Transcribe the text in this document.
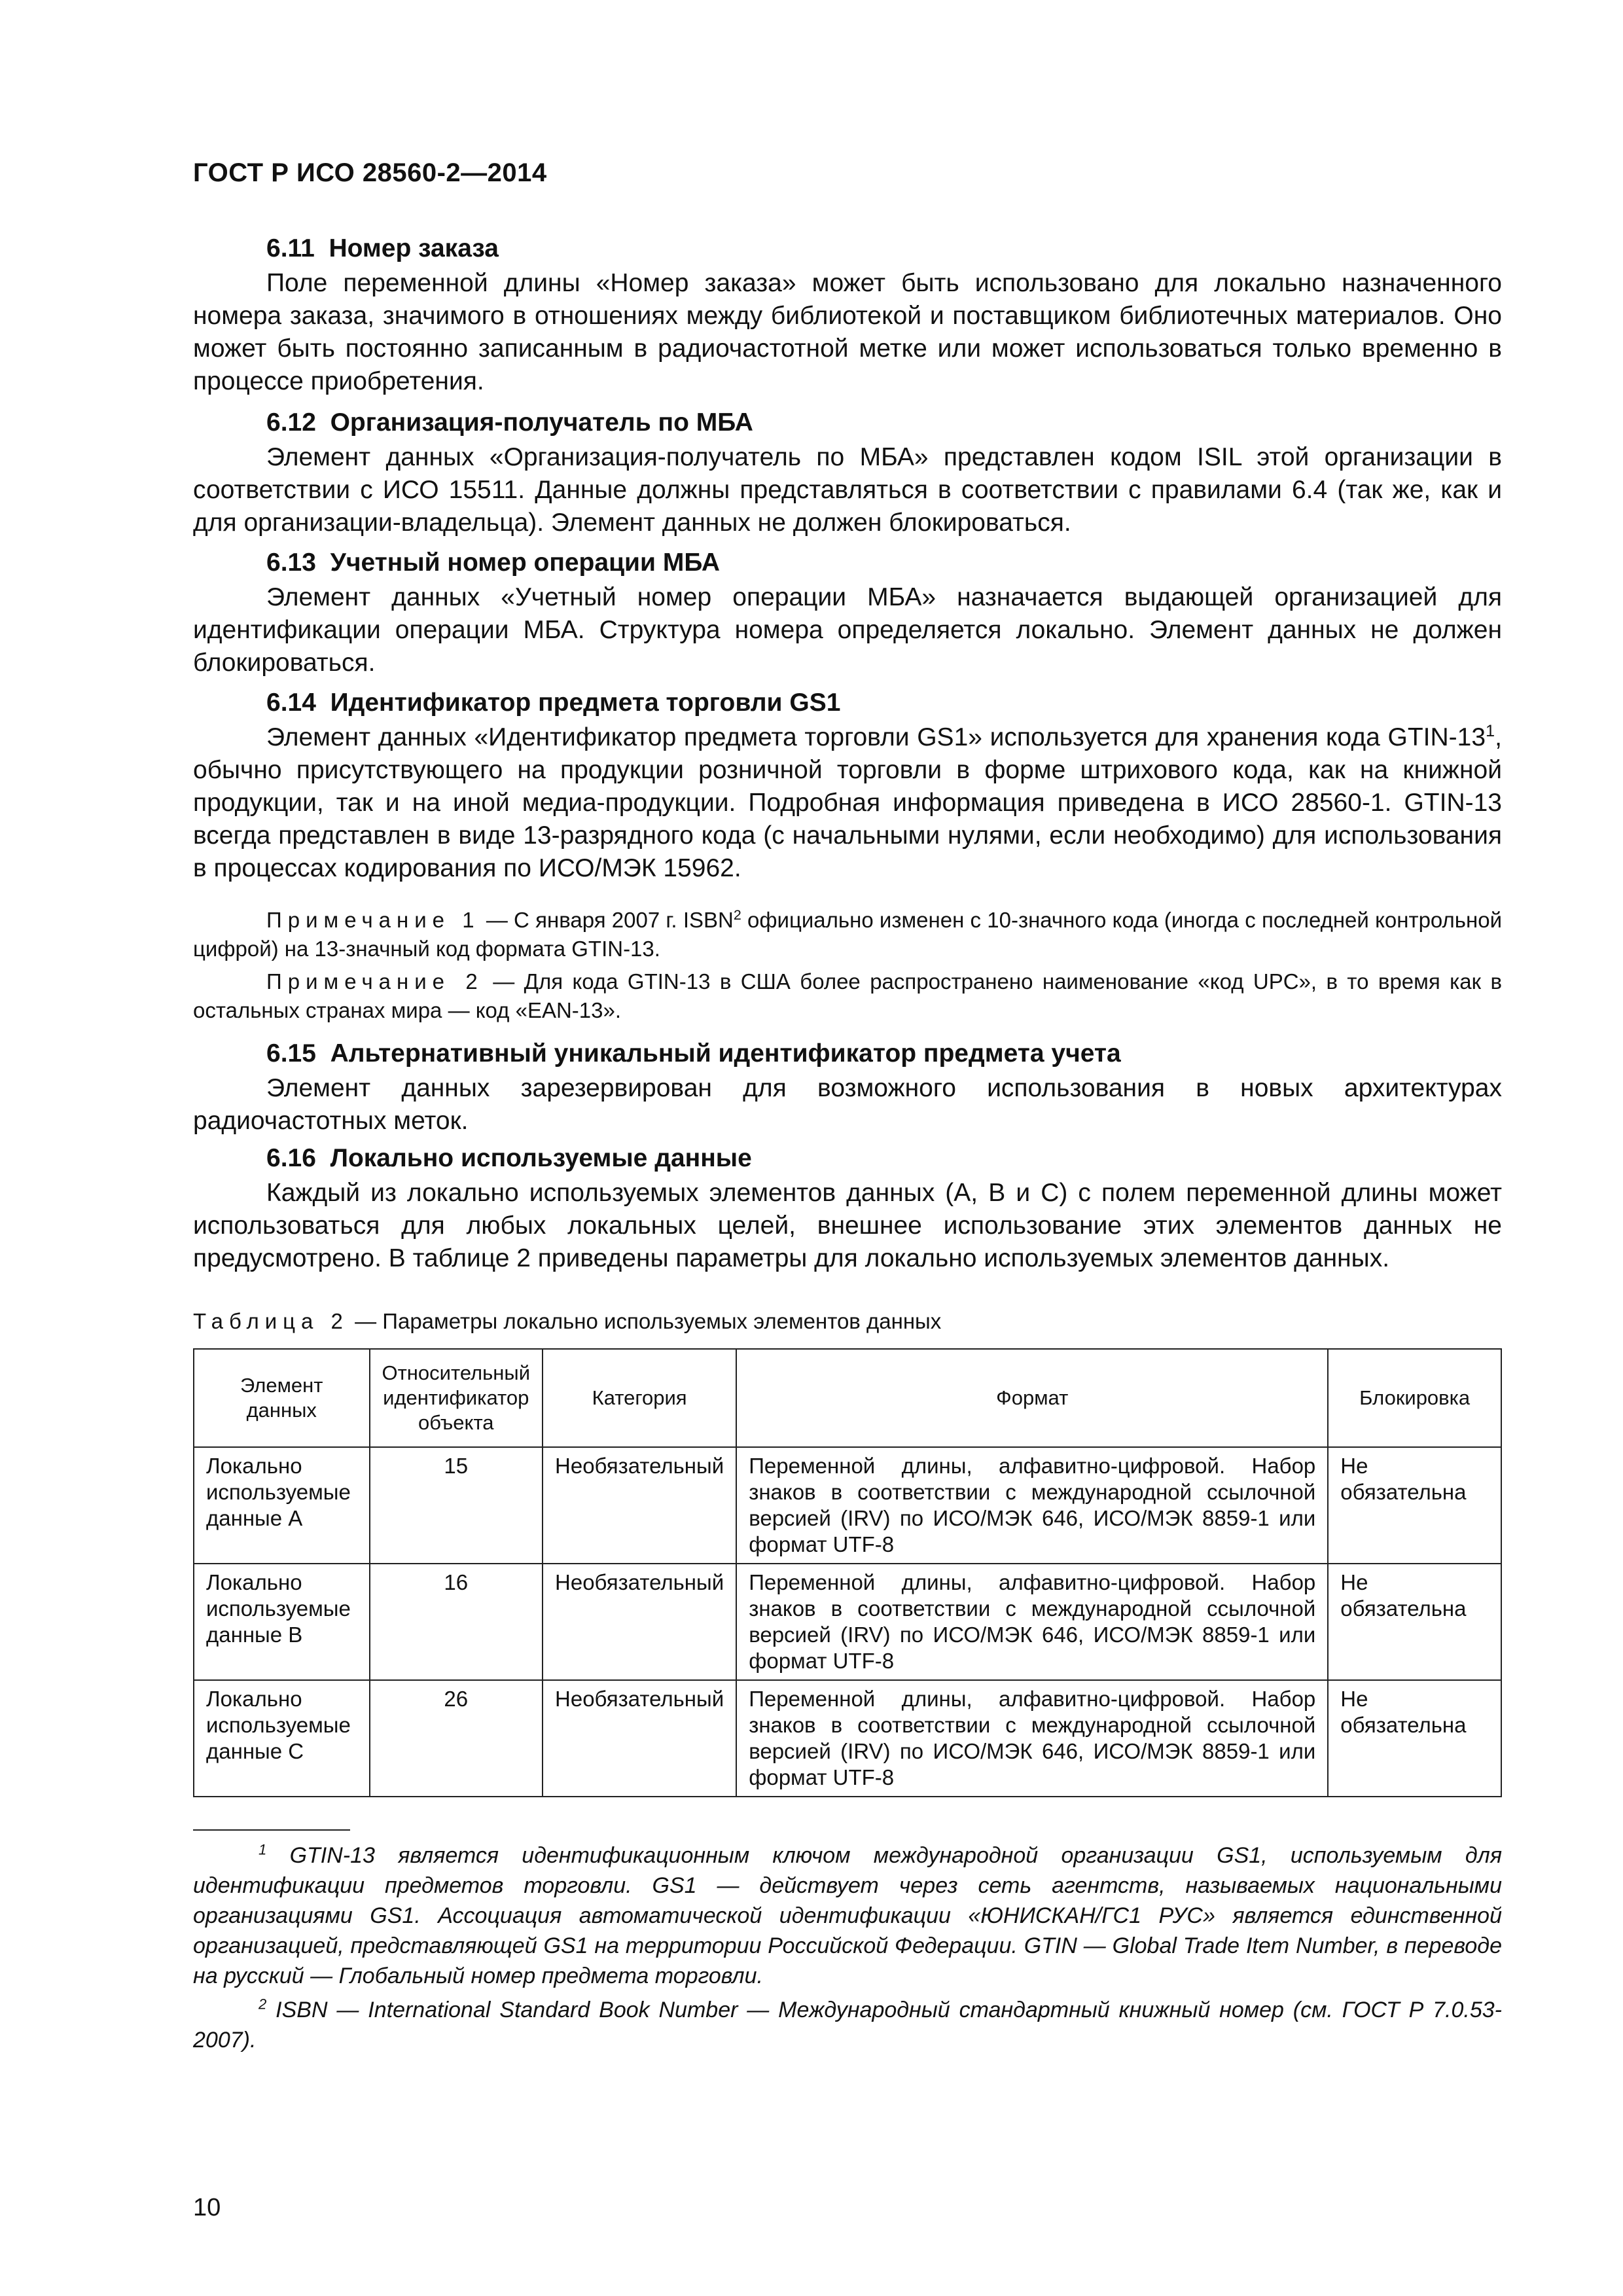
ГОСТ Р ИСО 28560-2—2014

6.11 Номер заказа

Поле переменной длины «Номер заказа» может быть использовано для локально назначенного номера заказа, значимого в отношениях между библиотекой и поставщиком библиотечных материалов. Оно может быть постоянно записанным в радиочастотной метке или может использоваться только временно в процессе приобретения.

6.12 Организация-получатель по МБА

Элемент данных «Организация-получатель по МБА» представлен кодом ISIL этой организации в соответствии с ИСО 15511. Данные должны представляться в соответствии с правилами 6.4 (так же, как и для организации-владельца). Элемент данных не должен блокироваться.

6.13 Учетный номер операции МБА

Элемент данных «Учетный номер операции МБА» назначается выдающей организацией для идентификации операции МБА. Структура номера определяется локально. Элемент данных не должен блокироваться.

6.14 Идентификатор предмета торговли GS1

Элемент данных «Идентификатор предмета торговли GS1» используется для хранения кода GTIN-$13^1$, обычно присутствующего на продукции розничной торговли в форме штрихового кода, как на книжной продукции, так и на иной медиа-продукции. Подробная информация приведена в ИСО 28560-1. GTIN-13 всегда представлен в виде 13-разрядного кода (с начальными нулями, если необходимо) для использования в процессах кодирования по ИСО/МЭК 15962.

Примечание 1 — С января 2007 г. ISBN$^2$ официально изменен с 10-значного кода (иногда с последней контрольной цифрой) на 13-значный код формата GTIN-13.

Примечание 2 — Для кода GTIN-13 в США более распространено наименование «код UPC», в то время как в остальных странах мира — код «EAN-13».

6.15 Альтернативный уникальный идентификатор предмета учета

Элемент данных зарезервирован для возможного использования в новых архитектурах радиочастотных меток.

6.16 Локально используемые данные

Каждый из локально используемых элементов данных (A, B и C) с полем переменной длины может использоваться для любых локальных целей, внешнее использование этих элементов данных не предусмотрено. В таблице 2 приведены параметры для локально используемых элементов данных.

Таблица 2 — Параметры локально используемых элементов данных
Элемент данных	Относительный идентификатор объекта	Категория	Формат	Блокировка
Локально используемые данные А	15	Необязательный	Переменной длины, алфавитно-цифровой. Набор знаков в соответствии с международной ссылочной версией (IRV) по ИСО/МЭК 646, ИСО/МЭК 8859-1 или формат UTF-8	Не обязательна
Локально используемые данные В	16	Необязательный	Переменной длины, алфавитно-цифровой. Набор знаков в соответствии с международной ссылочной версией (IRV) по ИСО/МЭК 646, ИСО/МЭК 8859-1 или формат UTF-8	Не обязательна
Локально используемые данные С	26	Необязательный	Переменной длины, алфавитно-цифровой. Набор знаков в соответствии с международной ссылочной версией (IRV) по ИСО/МЭК 646, ИСО/МЭК 8859-1 или формат UTF-8	Не обязательна

$^1$ GTIN-13 является идентификационным ключом международной организации GS1, используемым для идентификации предметов торговли. GS1 — действует через сеть агентств, называемых национальными организациями GS1. Ассоциация автоматической идентификации «ЮНИСКАН/ГС1 РУС» является единственной организацией, представляющей GS1 на территории Российской Федерации. GTIN — Global Trade Item Number, в переводе на русский — Глобальный номер предмета торговли.

$^2$ ISBN — International Standard Book Number — Международный стандартный книжный номер (см. ГОСТ Р 7.0.53-2007).

10
